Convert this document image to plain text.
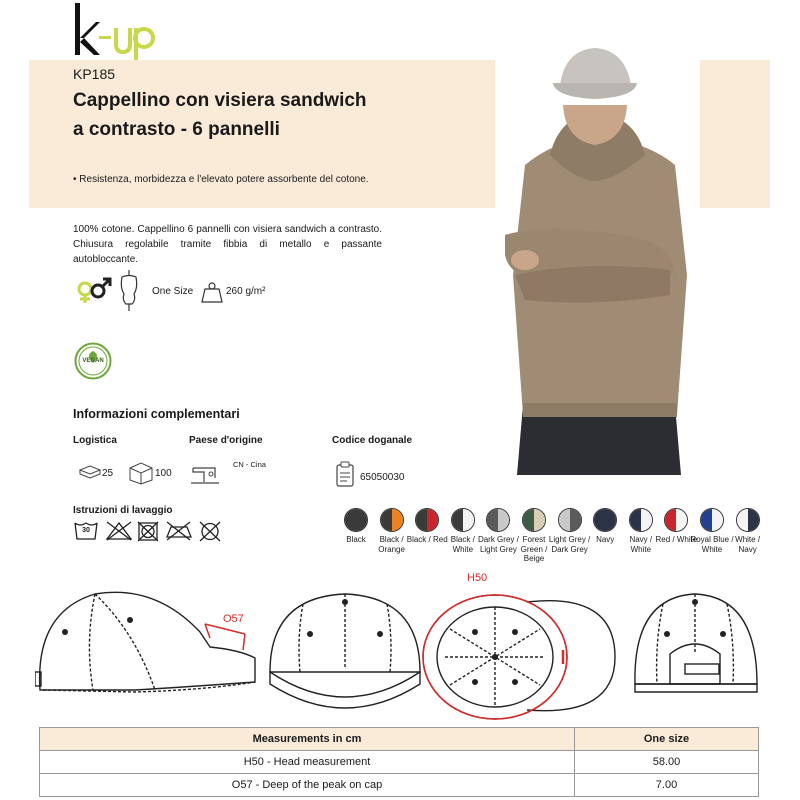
KP185
Cappellino con visiera sandwich a contrasto - 6 pannelli
• Resistenza, morbidezza e l'elevato potere assorbente del cotone.
100% cotone. Cappellino 6 pannelli con visiera sandwich a contrasto. Chiusura regolabile tramite fibbia di metallo e passante autobloccante.
One Size	260 g/m²
VEGAN
Informazioni complementari
Logistica	Paese d'origine	Codice doganale
25	100
CN - Cina
65050030
Istruzioni di lavaggio
30
Black	Black / Orange
Black / Red Black / White
Dark Grey / Light Grey
Forest Green / Beige
Light Grey / Dark Grey
Navy	Navy / White
Red / White
Royal Blue / White
White / Navy
O57
H50
Measurements in cm	One size
H50 - Head measurement	58.00
O57 - Deep of the peak on cap	7.00
